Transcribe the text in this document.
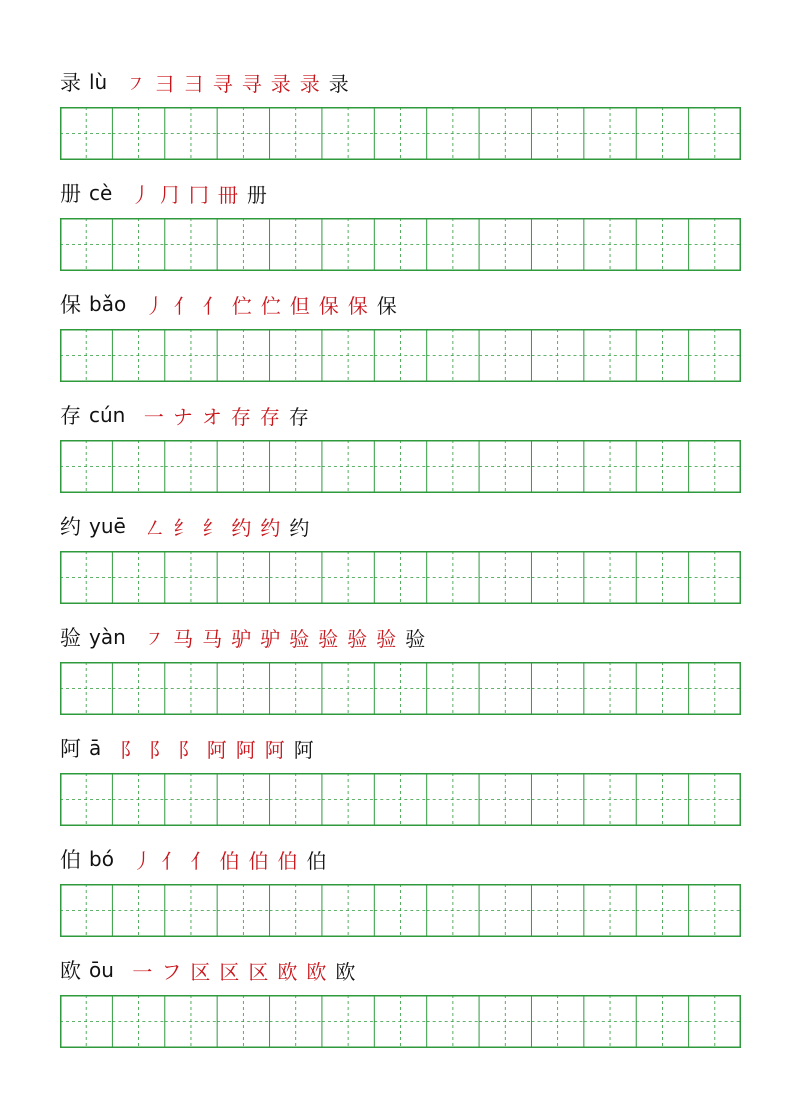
录 lù ㇇ ⺕ 彐 寻 寻 录 录 录
册 cè 丿 ⺆ 冂 冊 册
保 bǎo 丿 亻 亻 伫 伫 但 保 保 保
存 cún 一 ナ オ 存 存 存
约 yuē ㇜ 纟 纟 约 约 约
验 yàn ㇇ 马 马 驴 驴 验 验 验 验 验
阿 ā 阝 阝 阝 阿 阿 阿 阿
伯 bó 丿 亻 亻 伯 伯 伯 伯
欧 ōu 一 フ 区 区 区 欧 欧 欧
